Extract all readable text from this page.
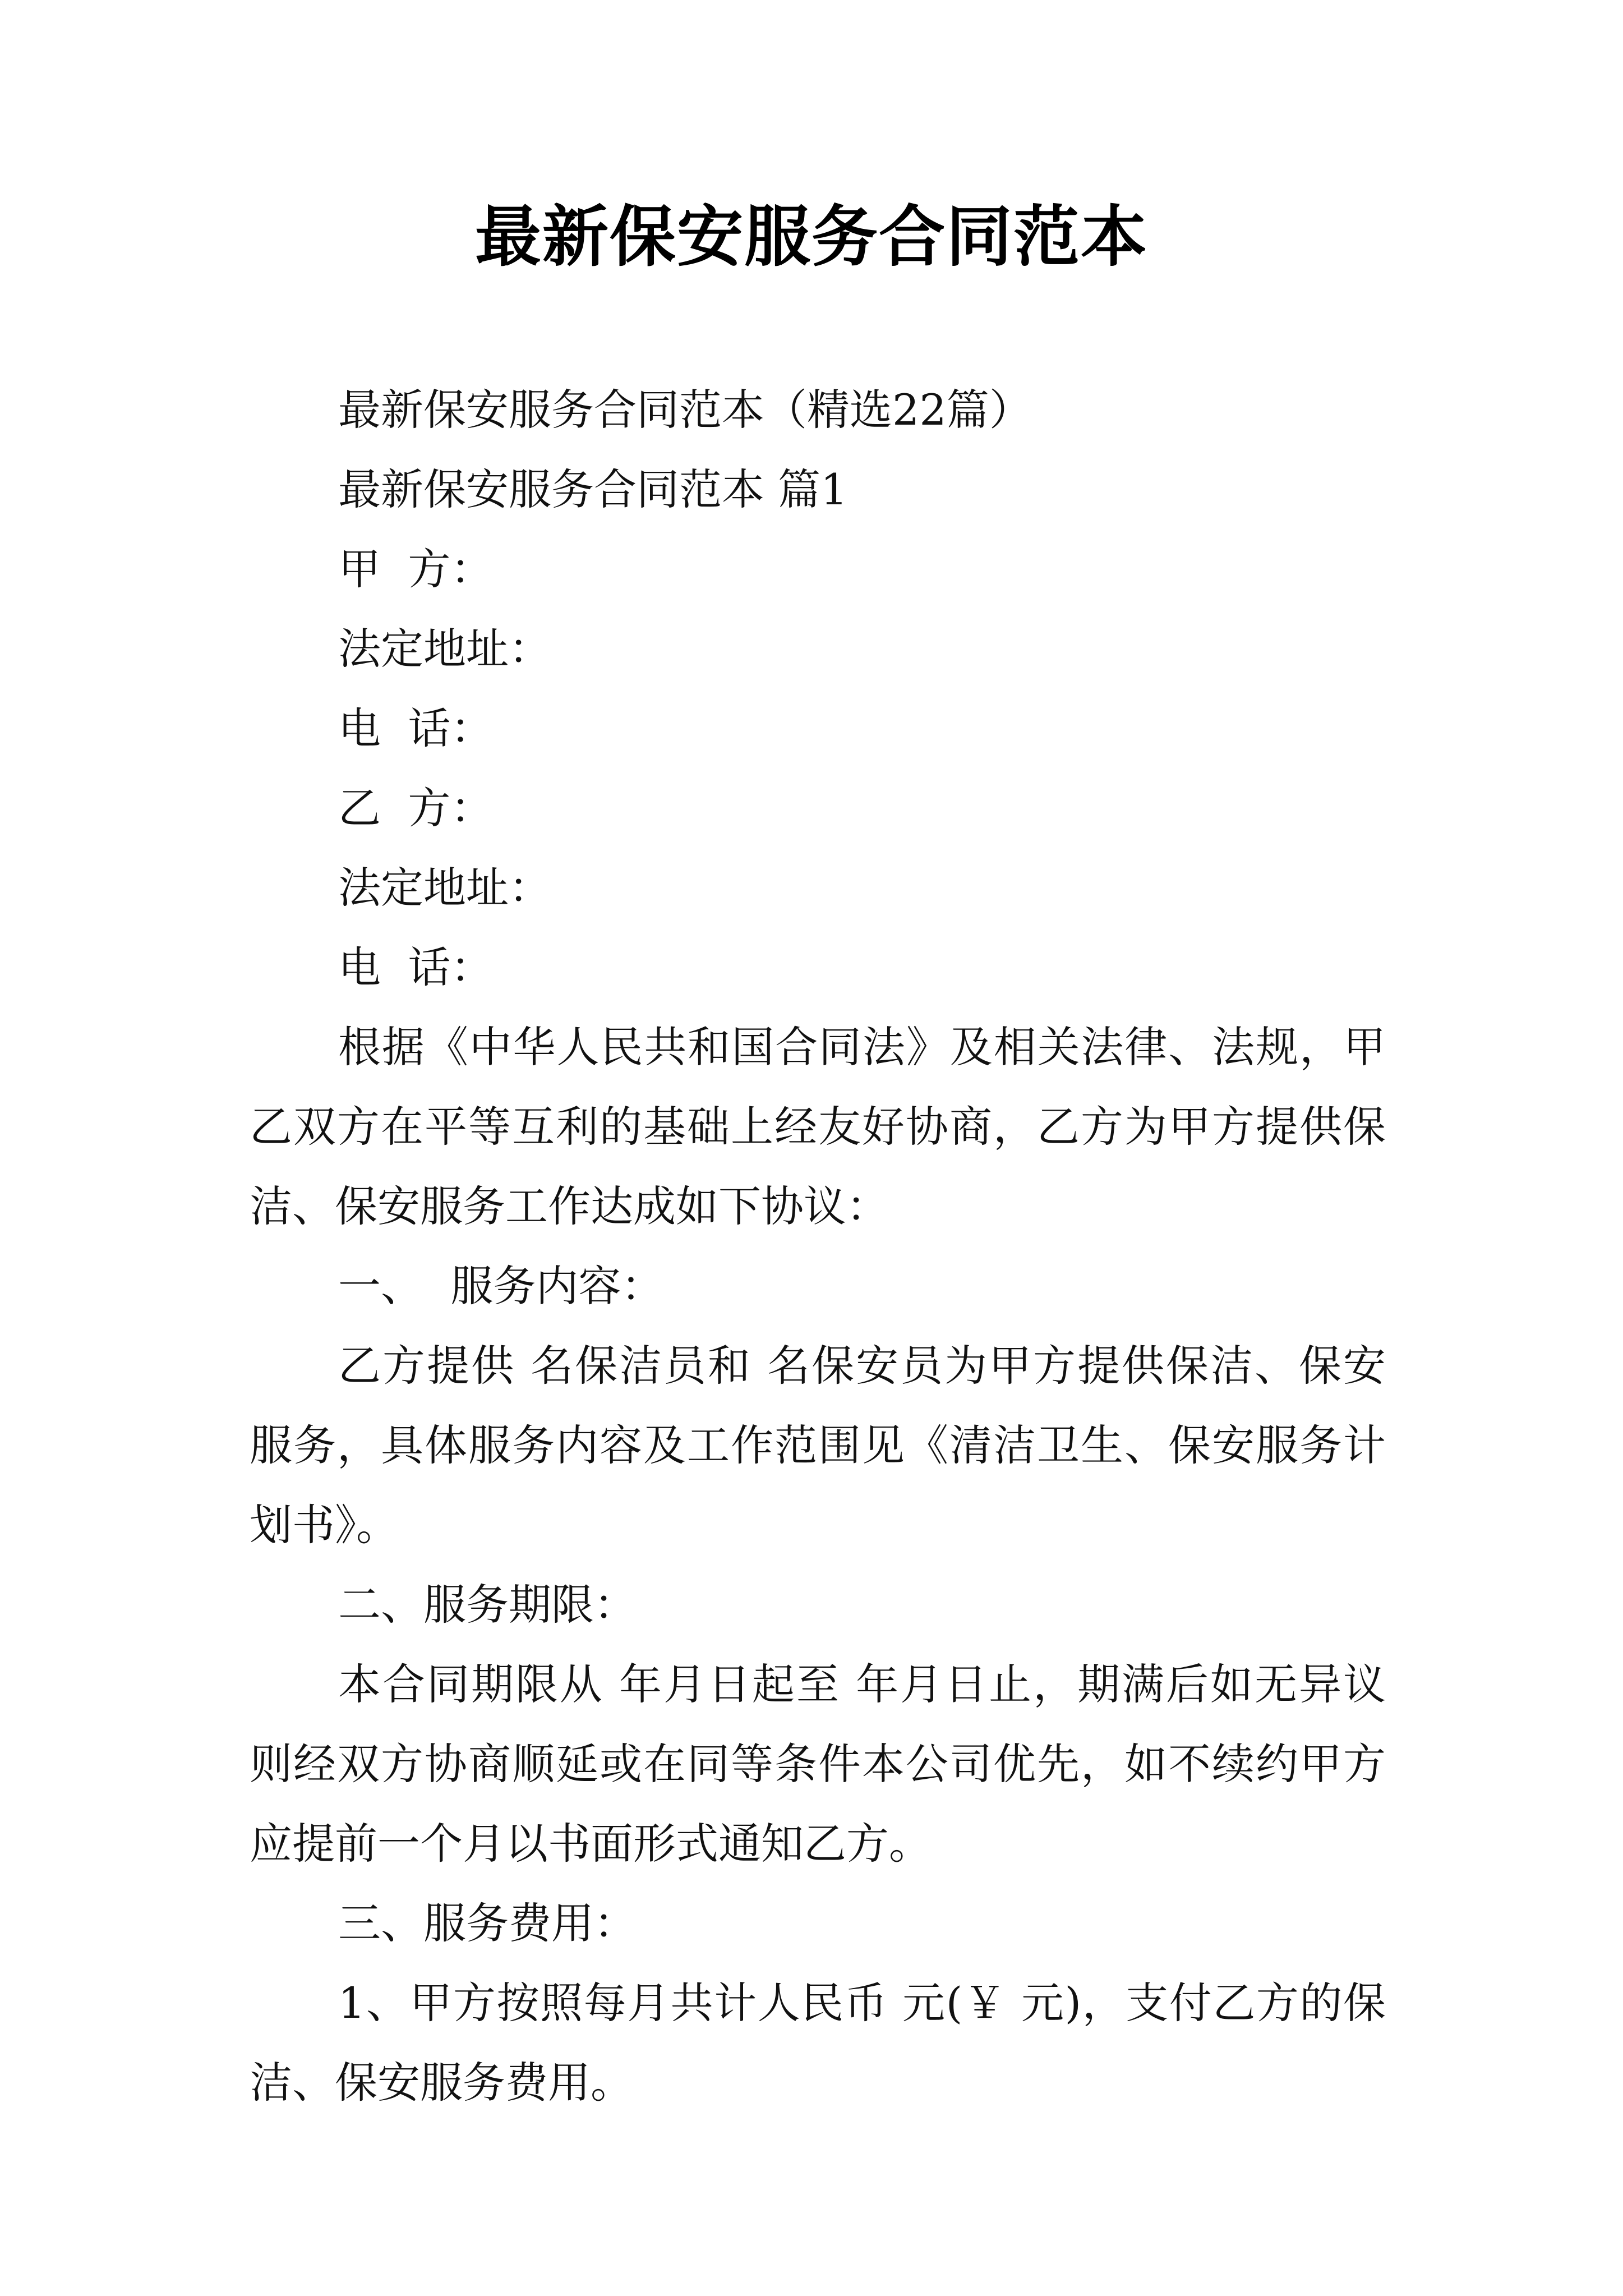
最新保安服务合同范本
最新保安服务合同范本（精选22篇）
最新保安服务合同范本 篇1
甲  方：
法定地址：
电  话：
乙  方：
法定地址：
电  话：
根据《中华人民共和国合同法》及相关法律、法规，甲乙双方在平等互利的基础上经友好协商，乙方为甲方提供保洁、保安服务工作达成如下协议：
一、  服务内容：
乙方提供 名保洁员和 名保安员为甲方提供保洁、保安服务，具体服务内容及工作范围见《清洁卫生、保安服务计划书》。
二、服务期限：
本合同期限从 年月日起至 年月日止，期满后如无异议则经双方协商顺延或在同等条件本公司优先，如不续约甲方应提前一个月以书面形式通知乙方。
三、服务费用：
1、甲方按照每月共计人民币 元(￥ 元)，支付乙方的保洁、保安服务费用。
